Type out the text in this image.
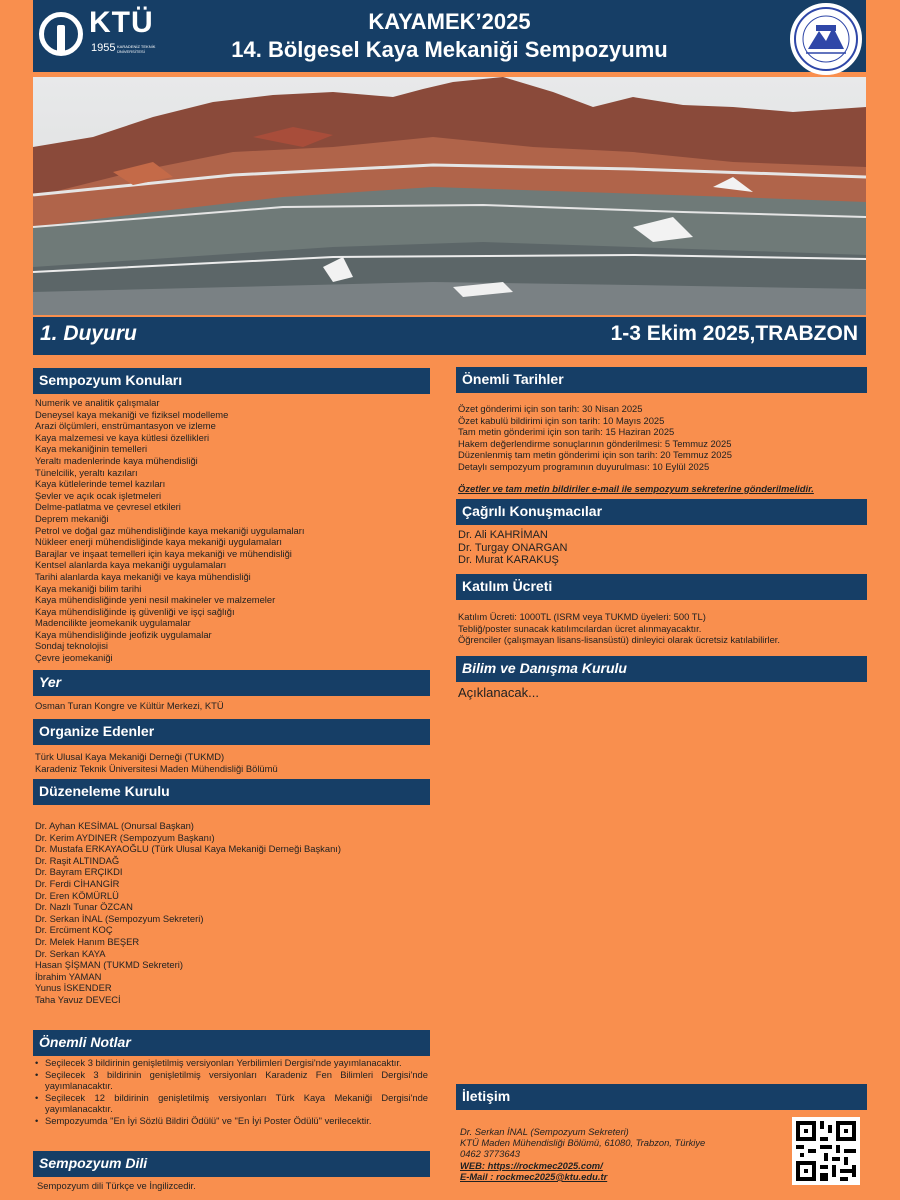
KTÜ
1955 KARADENİZ TEKNİK ÜNİVERSİTESİ
KAYAMEK’2025
14. Bölgesel Kaya Mekaniği Sempozyumu
1. Duyuru	1-3 Ekim 2025,TRABZON
Sempozyum Konuları
Numerik ve analitik çalışmalar
Deneysel kaya mekaniği ve fiziksel modelleme
Arazi ölçümleri, enstrümantasyon ve izleme
Kaya malzemesi ve kaya kütlesi özellikleri
Kaya mekaniğinin temelleri
Yeraltı madenlerinde kaya mühendisliği
Tünelcilik, yeraltı kazıları
Kaya kütlelerinde temel kazıları
Şevler ve açık ocak işletmeleri
Delme-patlatma ve çevresel etkileri
Deprem mekaniği
Petrol ve doğal gaz mühendisliğinde kaya mekaniği uygulamaları
Nükleer enerji mühendisliğinde kaya mekaniği uygulamaları
Barajlar ve inşaat temelleri için kaya mekaniği ve mühendisliği
Kentsel alanlarda kaya mekaniği uygulamaları
Tarihi alanlarda kaya mekaniği ve kaya mühendisliği
Kaya mekaniği bilim tarihi
Kaya mühendisliğinde yeni nesil makineler ve malzemeler
Kaya mühendisliğinde iş güvenliği ve işçi sağlığı
Madencilikte jeomekanik uygulamalar
Kaya mühendisliğinde jeofizik uygulamalar
Sondaj teknolojisi
Çevre jeomekaniği
Yer
Osman Turan Kongre ve Kültür Merkezi, KTÜ
Organize Edenler
Türk Ulusal Kaya Mekaniği Derneği (TUKMD)
Karadeniz Teknik Üniversitesi Maden Mühendisliği Bölümü
Düzeneleme Kurulu
Dr. Ayhan KESİMAL (Onursal Başkan)
Dr. Kerim AYDINER (Sempozyum Başkanı)
Dr. Mustafa ERKAYAOĞLU (Türk Ulusal Kaya Mekaniği Derneği Başkanı)
Dr. Raşit ALTINDAĞ
Dr. Bayram ERÇIKDI
Dr. Ferdi CİHANGİR
Dr. Eren KÖMÜRLÜ
Dr. Nazlı Tunar ÖZCAN
Dr. Serkan İNAL (Sempozyum Sekreteri)
Dr. Ercüment KOÇ
Dr. Melek Hanım BEŞER
Dr. Serkan KAYA
Hasan ŞİŞMAN (TUKMD Sekreteri)
İbrahim YAMAN
Yunus İSKENDER
Taha Yavuz DEVECİ
Önemli Notlar
• Seçilecek 3 bildirinin genişletilmiş versiyonları Yerbilimleri Dergisi'nde yayımlanacaktır.
• Seçilecek 3 bildirinin genişletilmiş versiyonları Karadeniz Fen Bilimleri Dergisi'nde yayımlanacaktır.
• Seçilecek 12 bildirinin genişletilmiş versiyonları Türk Kaya Mekaniği Dergisi'nde yayımlanacaktır.
• Sempozyumda "En İyi Sözlü Bildiri Ödülü" ve "En İyi Poster Ödülü" verilecektir.
Sempozyum Dili
Sempozyum dili Türkçe ve İngilizcedir.
Önemli Tarihler
Özet gönderimi için son tarih: 30 Nisan 2025
Özet kabulü bildirimi için son tarih: 10 Mayıs 2025
Tam metin gönderimi için son tarih: 15 Haziran 2025
Hakem değerlendirme sonuçlarının gönderilmesi: 5 Temmuz 2025
Düzenlenmiş tam metin gönderimi için son tarih: 20 Temmuz 2025
Detaylı sempozyum programının duyurulması: 10 Eylül 2025
Özetler ve tam metin bildiriler e-mail ile sempozyum sekreterine gönderilmelidir.
Çağrılı Konuşmacılar
Dr. Ali KAHRİMAN
Dr. Turgay ONARGAN
Dr. Murat KARAKUŞ
Katılım Ücreti
Katılım Ücreti: 1000TL (ISRM veya TUKMD üyeleri: 500 TL)
Tebliğ/poster sunacak katılımcılardan ücret alınmayacaktır.
Öğrenciler (çalışmayan lisans-lisansüstü) dinleyici olarak ücretsiz katılabilirler.
Bilim ve Danışma Kurulu
Açıklanacak...
İletişim
Dr. Serkan İNAL (Sempozyum Sekreteri)
KTÜ Maden Mühendisliği Bölümü, 61080, Trabzon, Türkiye
0462 3773643
WEB: https://rockmec2025.com/
E-Mail : rockmec2025@ktu.edu.tr
